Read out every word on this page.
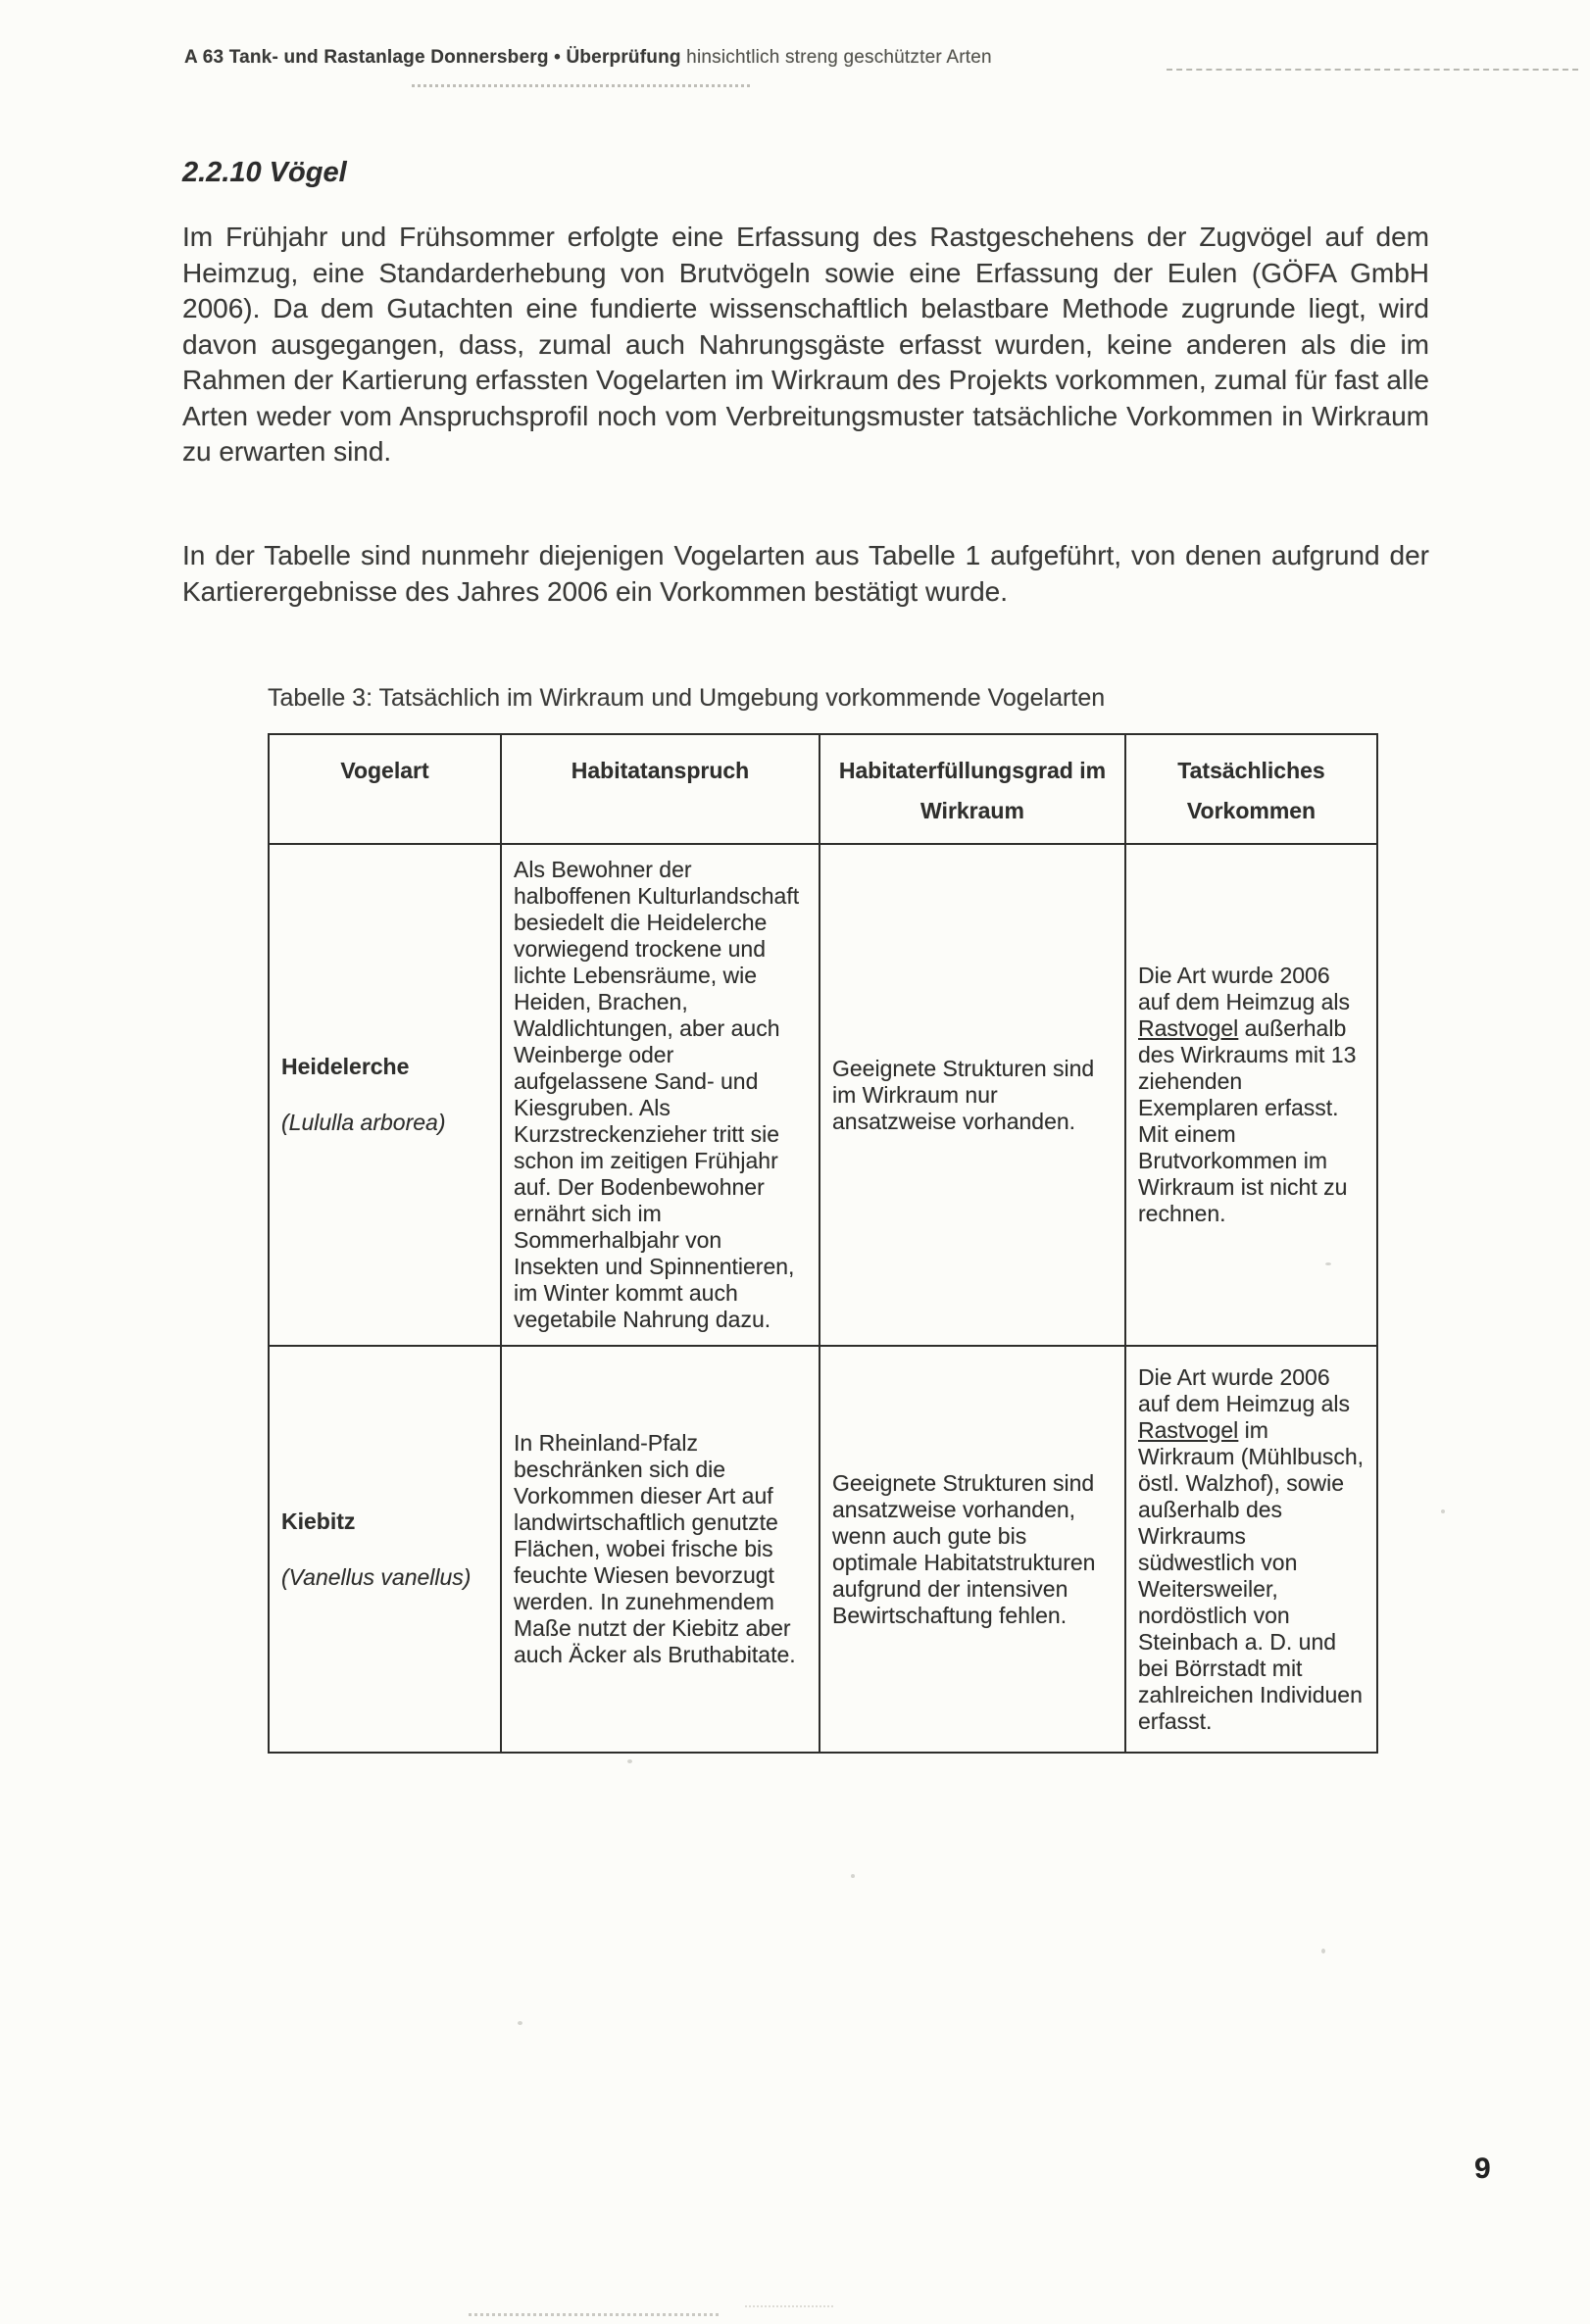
A 63 Tank- und Rastanlage Donnersberg • Überprüfung hinsichtlich streng geschützter Arten
2.2.10 Vögel

Im Frühjahr und Frühsommer erfolgte eine Erfassung des Rastgeschehens der Zugvögel auf dem Heimzug, eine Standarderhebung von Brutvögeln sowie eine Erfassung der Eulen (GÖFA GmbH 2006). Da dem Gutachten eine fundierte wissenschaftlich belastbare Methode zugrunde liegt, wird davon ausgegangen, dass, zumal auch Nahrungsgäste erfasst wurden, keine anderen als die im Rahmen der Kartierung erfassten Vogelarten im Wirkraum des Projekts vorkommen, zumal für fast alle Arten weder vom Anspruchsprofil noch vom Verbreitungsmuster tatsächliche Vorkommen in Wirkraum zu erwarten sind.

In der Tabelle sind nunmehr diejenigen Vogelarten aus Tabelle 1 aufgeführt, von denen aufgrund der Kartierergebnisse des Jahres 2006 ein Vorkommen bestätigt wurde.

Tabelle 3: Tatsächlich im Wirkraum und Umgebung vorkommende Vogelarten
Vogelart	Habitatanspruch	Habitaterfüllungsgrad im Wirkraum	Tatsächliches Vorkommen

Heidelerche
(Lululla arborea)	Als Bewohner der halboffenen Kulturlandschaft besiedelt die Heidelerche vorwiegend trockene und lichte Lebensräume, wie Heiden, Brachen, Waldlichtungen, aber auch Weinberge oder aufgelassene Sand- und Kiesgruben. Als Kurzstreckenzieher tritt sie schon im zeitigen Frühjahr auf. Der Bodenbewohner ernährt sich im Sommerhalbjahr von Insekten und Spinnentieren, im Winter kommt auch vegetabile Nahrung dazu.	Geeignete Strukturen sind im Wirkraum nur ansatzweise vorhanden.	Die Art wurde 2006 auf dem Heimzug als Rastvogel außerhalb des Wirkraums mit 13 ziehenden Exemplaren erfasst. Mit einem Brutvorkommen im Wirkraum ist nicht zu rechnen.

Kiebitz
(Vanellus vanellus)
	In Rheinland-Pfalz beschränken sich die Vorkommen dieser Art auf landwirtschaftlich genutzte Flächen, wobei frische bis feuchte Wiesen bevorzugt werden. In zunehmendem Maße nutzt der Kiebitz aber auch Äcker als Bruthabitate.	Geeignete Strukturen sind ansatzweise vorhanden, wenn auch gute bis optimale Habitatstrukturen aufgrund der intensiven Bewirtschaftung fehlen.	Die Art wurde 2006 auf dem Heimzug als Rastvogel im Wirkraum (Mühlbusch, östl. Walzhof), sowie außerhalb des Wirkraums südwestlich von Weitersweiler, nordöstlich von Steinbach a. D. und bei Börrstadt mit zahlreichen Individuen erfasst.
9
